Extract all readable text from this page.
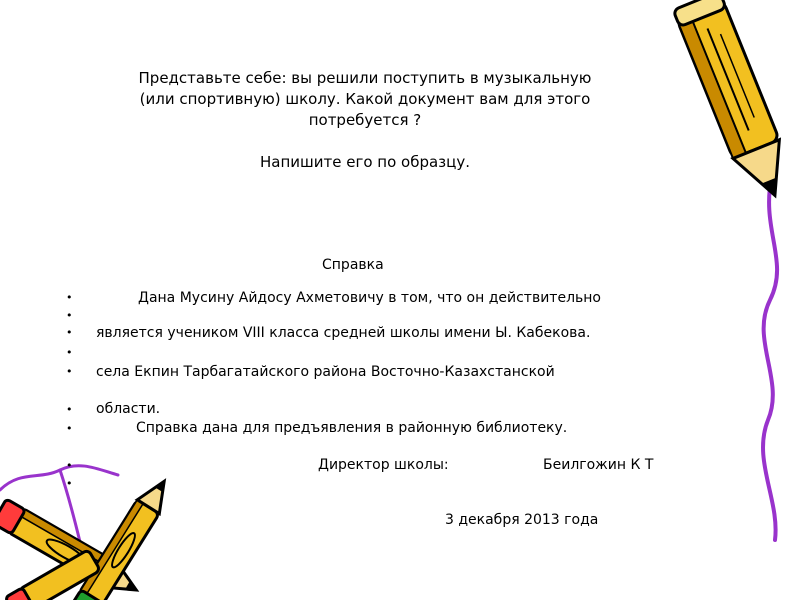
Представьте себе: вы решили поступить в музыкальную

(или спортивную) школу. Какой документ вам для этого

потребуется ?

Напишите его по образцу.

Справка
•	Дана Мусину Айдосу Ахметовичу в том, что он действительно
•
• является учеником VIII класса средней школы имени Ы. Кабекова.
•
• села Екпин Тарбагатайского района Восточно-Казахстанской
• области.
•	Справка дана для предъявления в районную библиотеку.
•	Директор школы:	Беилгожин К Т
•
3 декабря 2013 года
